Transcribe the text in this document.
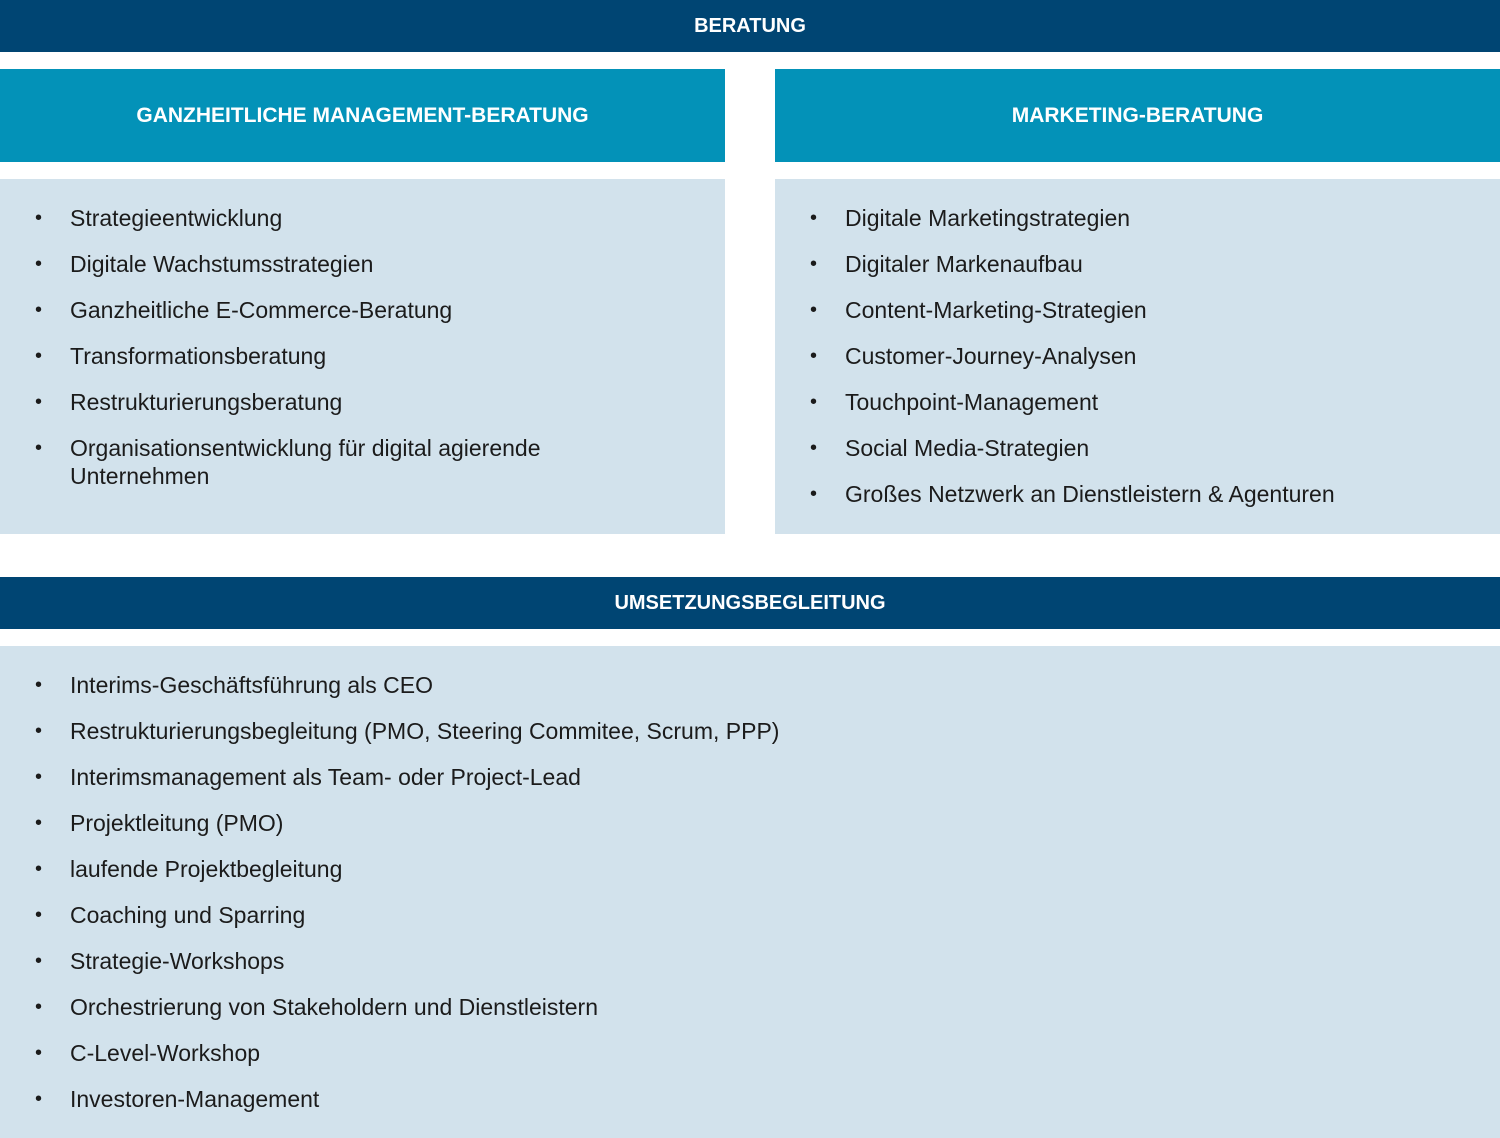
BERATUNG
GANZHEITLICHE MANAGEMENT-BERATUNG	MARKETING-BERATUNG
• Strategieentwicklung
• Digitale Wachstumsstrategien
• Ganzheitliche E-Commerce-Beratung
• Transformationsberatung
• Restrukturierungsberatung
• Organisationsentwicklung für digital agierende Unternehmen
• Digitale Marketingstrategien
• Digitaler Markenaufbau
• Content-Marketing-Strategien
• Customer-Journey-Analysen
• Touchpoint-Management
• Social Media-Strategien
• Großes Netzwerk an Dienstleistern & Agenturen
UMSETZUNGSBEGLEITUNG
• Interims-Geschäftsführung als CEO
• Restrukturierungsbegleitung (PMO, Steering Commitee, Scrum, PPP)
• Interimsmanagement als Team- oder Project-Lead
• Projektleitung (PMO)
• laufende Projektbegleitung
• Coaching und Sparring
• Strategie-Workshops
• Orchestrierung von Stakeholdern und Dienstleistern
• C-Level-Workshop
• Investoren-Management
